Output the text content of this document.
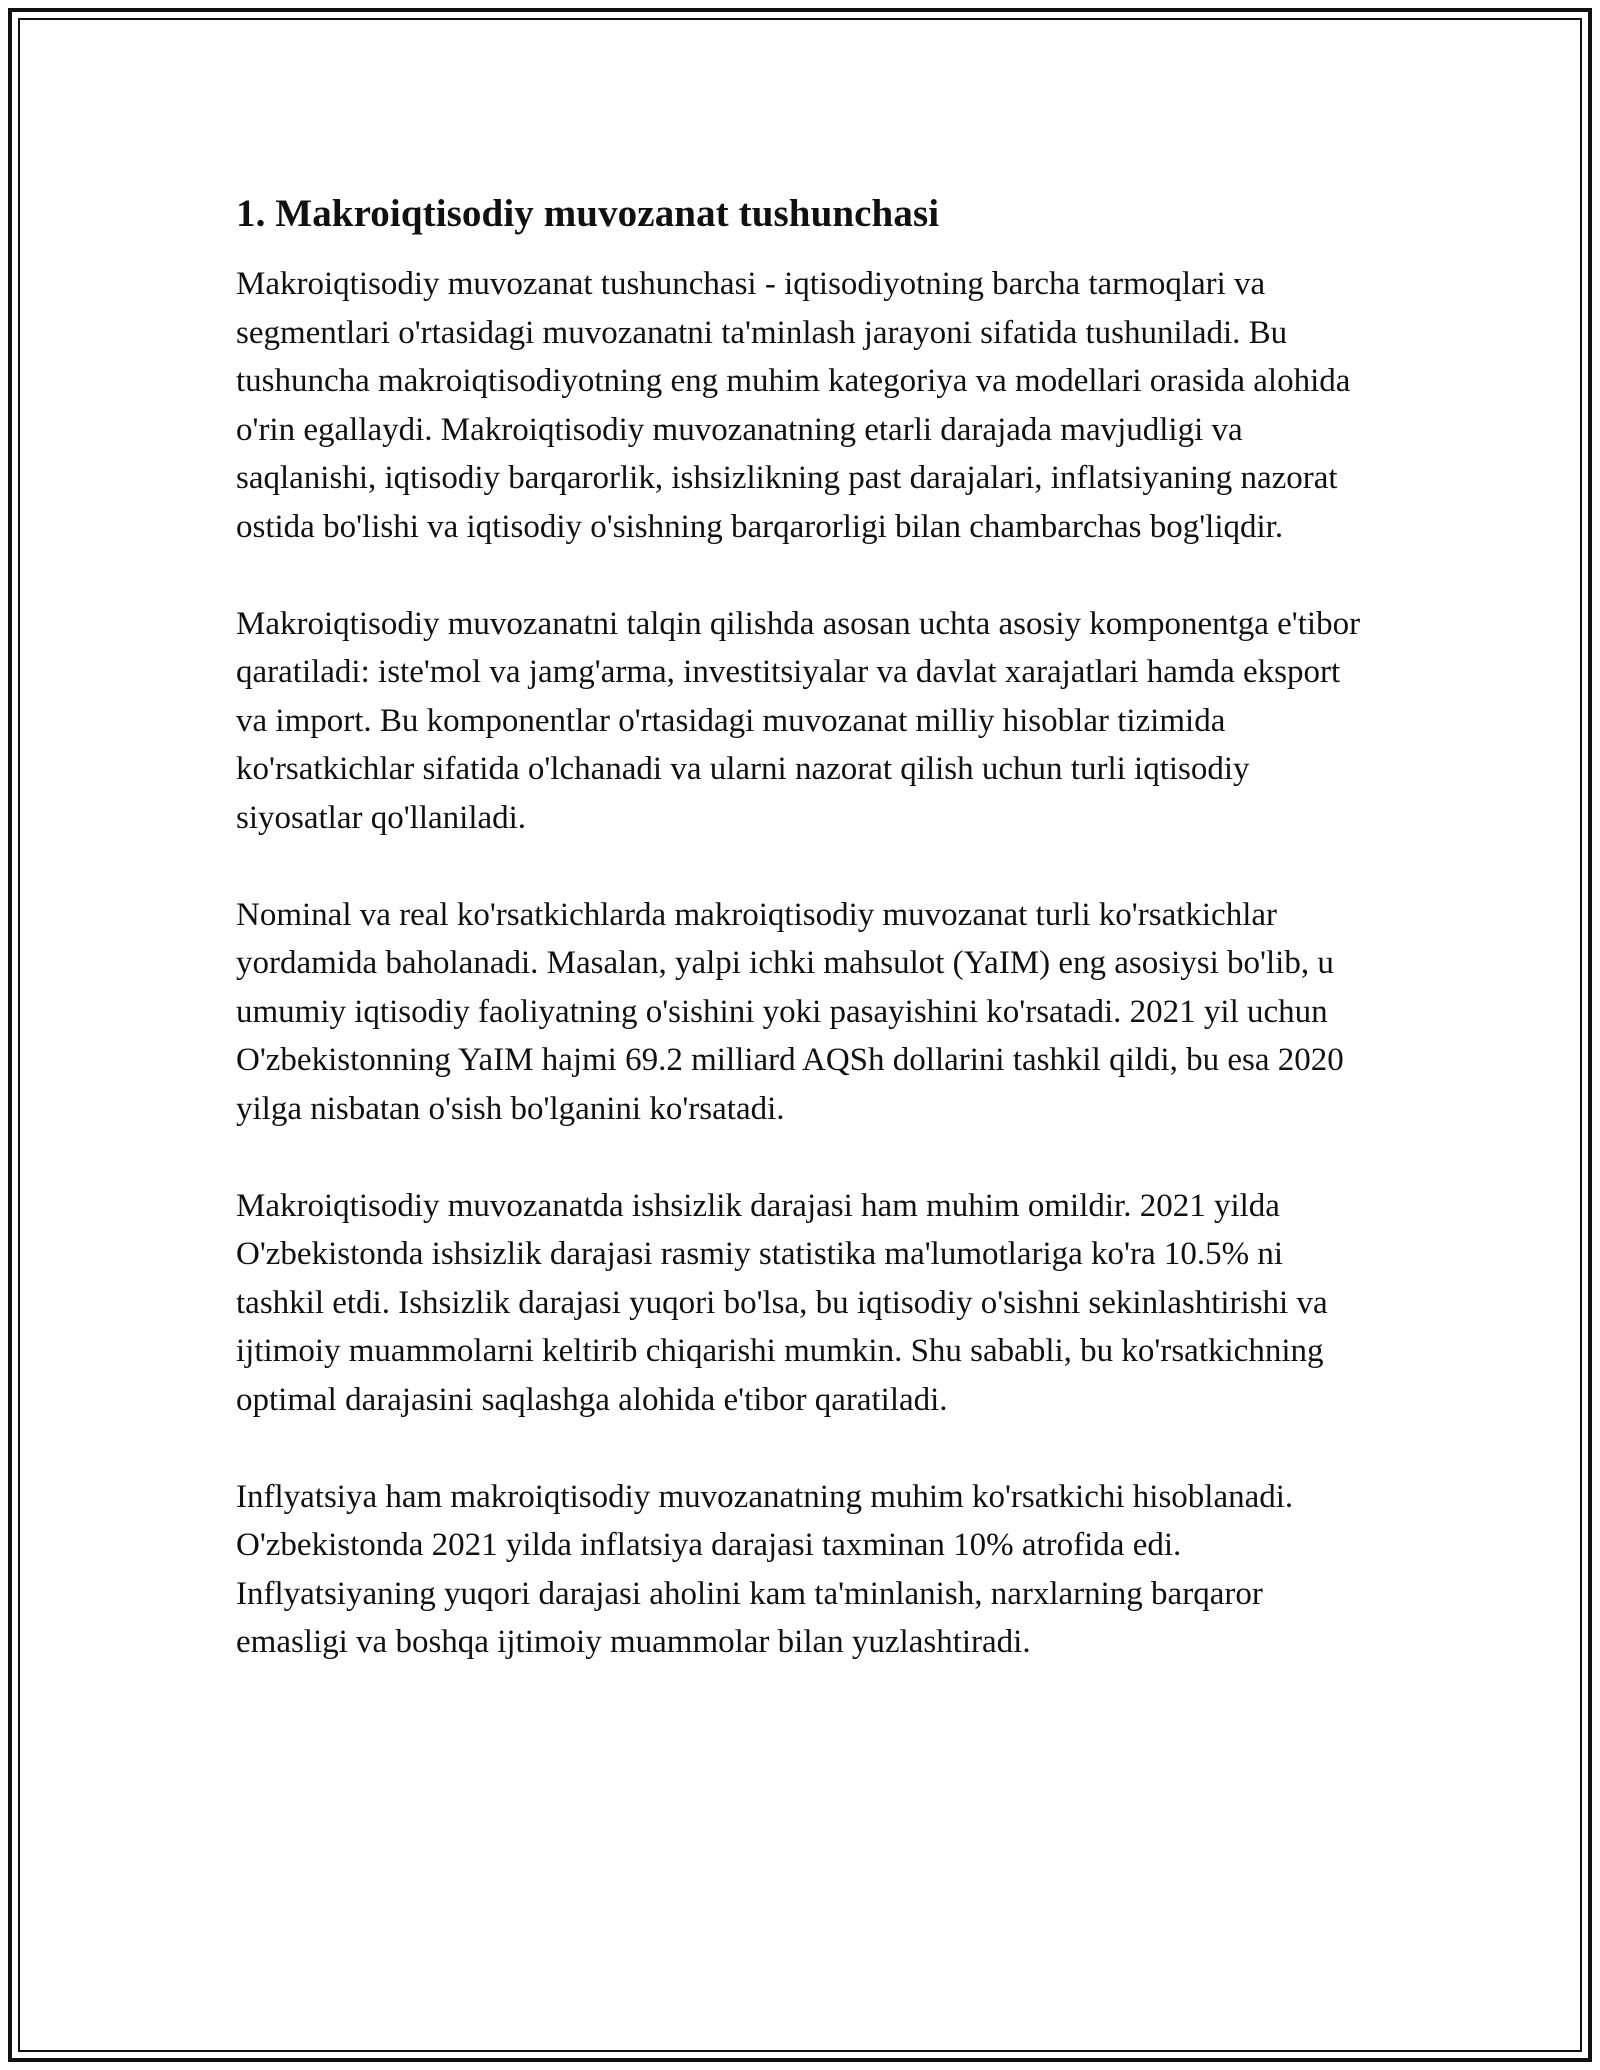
1. Makroiqtisodiy muvozanat tushunchasi

Makroiqtisodiy muvozanat tushunchasi - iqtisodiyotning barcha tarmoqlari va segmentlari o'rtasidagi muvozanatni ta'minlash jarayoni sifatida tushuniladi. Bu tushuncha makroiqtisodiyotning eng muhim kategoriya va modellari orasida alohida o'rin egallaydi. Makroiqtisodiy muvozanatning etarli darajada mavjudligi va saqlanishi, iqtisodiy barqarorlik, ishsizlikning past darajalari, inflatsiyaning nazorat ostida bo'lishi va iqtisodiy o'sishning barqarorligi bilan chambarchas bog'liqdir.

Makroiqtisodiy muvozanatni talqin qilishda asosan uchta asosiy komponentga e'tibor qaratiladi: iste'mol va jamg'arma, investitsiyalar va davlat xarajatlari hamda eksport va import. Bu komponentlar o'rtasidagi muvozanat milliy hisoblar tizimida ko'rsatkichlar sifatida o'lchanadi va ularni nazorat qilish uchun turli iqtisodiy siyosatlar qo'llaniladi.

Nominal va real ko'rsatkichlarda makroiqtisodiy muvozanat turli ko'rsatkichlar yordamida baholanadi. Masalan, yalpi ichki mahsulot (YaIM) eng asosiysi bo'lib, u umumiy iqtisodiy faoliyatning o'sishini yoki pasayishini ko'rsatadi. 2021 yil uchun O'zbekistonning YaIM hajmi 69.2 milliard AQSh dollarini tashkil qildi, bu esa 2020 yilga nisbatan o'sish bo'lganini ko'rsatadi.

Makroiqtisodiy muvozanatda ishsizlik darajasi ham muhim omildir. 2021 yilda O'zbekistonda ishsizlik darajasi rasmiy statistika ma'lumotlariga ko'ra 10.5% ni tashkil etdi. Ishsizlik darajasi yuqori bo'lsa, bu iqtisodiy o'sishni sekinlashtirishi va ijtimoiy muammolarni keltirib chiqarishi mumkin. Shu sababli, bu ko'rsatkichning optimal darajasini saqlashga alohida e'tibor qaratiladi.

Inflyatsiya ham makroiqtisodiy muvozanatning muhim ko'rsatkichi hisoblanadi. O'zbekistonda 2021 yilda inflatsiya darajasi taxminan 10% atrofida edi. Inflyatsiyaning yuqori darajasi aholini kam ta'minlanish, narxlarning barqaror emasligi va boshqa ijtimoiy muammolar bilan yuzlashtiradi.
